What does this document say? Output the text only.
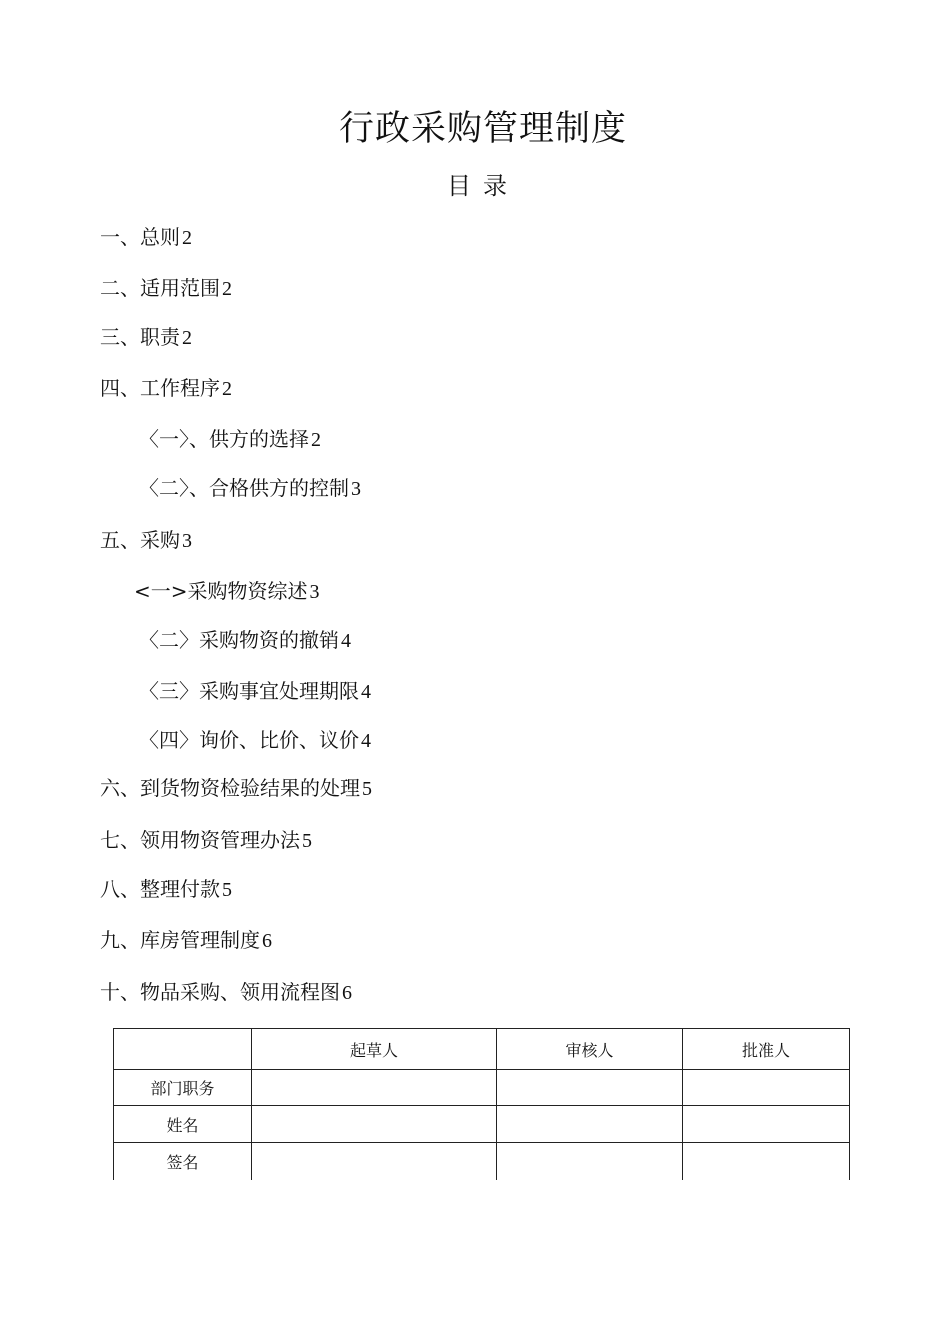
行政采购管理制度
目录
一、总则 2
二、适用范围 2
三、职责 2
四、工作程序 2
〈一〉、供方的选择 2
〈二〉、合格供方的控制 3
五、采购 3
<一>采购物资综述 3
〈二〉采购物资的撤销 4
〈三〉采购事宜处理期限 4
〈四〉询价、比价、议价 4
六、到货物资检验结果的处理 5
七、领用物资管理办法 5
八、整理付款 5
九、库房管理制度 6
十、物品采购、领用流程图 6
	起草人	审核人	批准人
部门职务			
姓名			
签名			
